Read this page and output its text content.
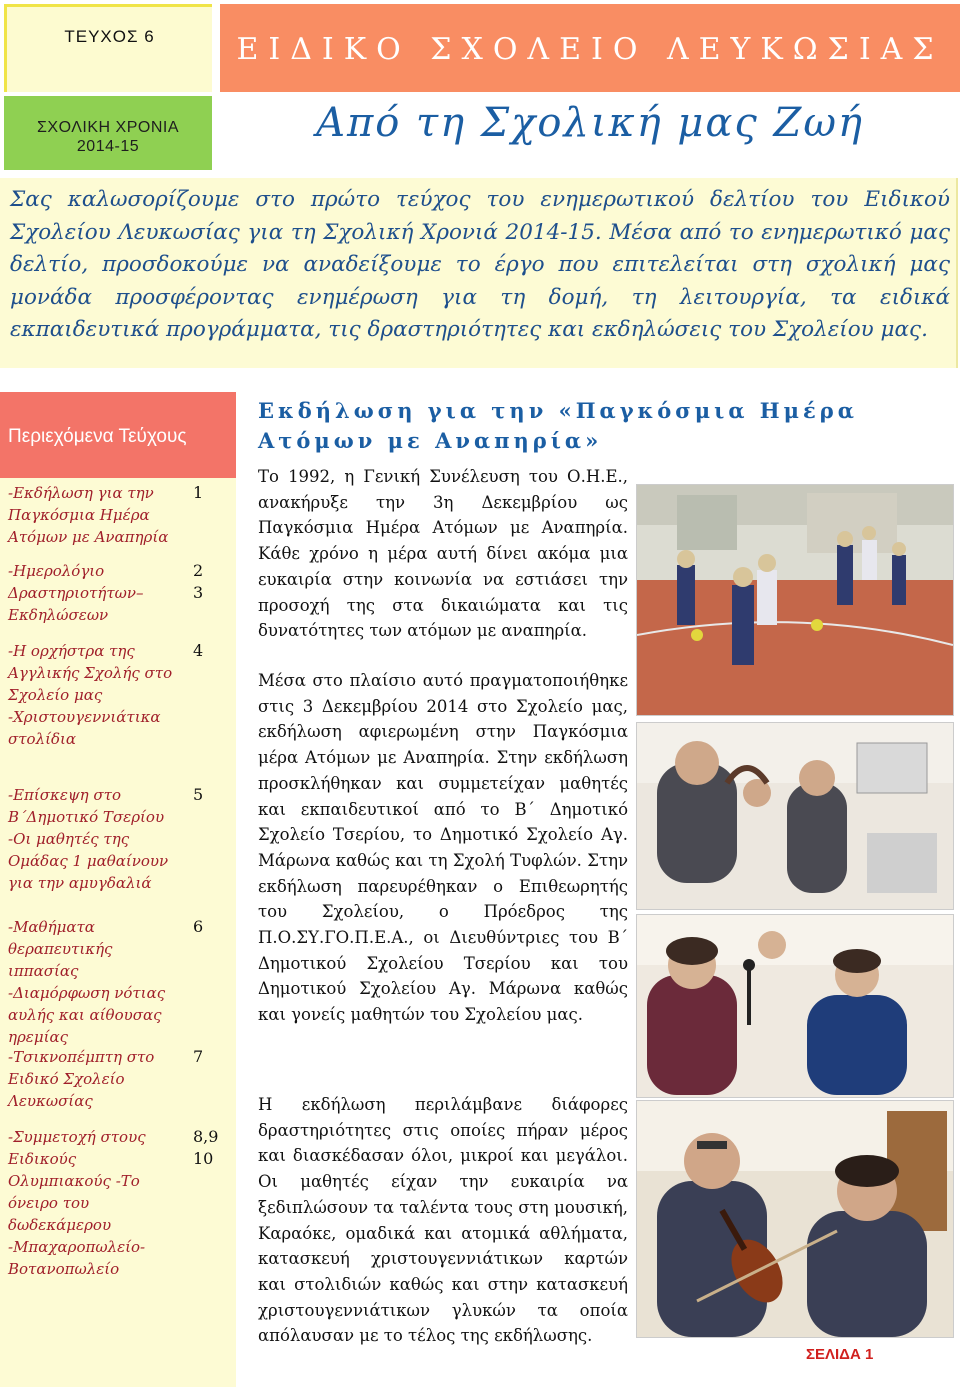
ΤΕΥΧΟΣ 6	ΕΙΔΙΚΟ ΣΧΟΛΕΙΟ ΛΕΥΚΩΣΙΑΣ
ΣΧΟΛΙΚΗ ΧΡΟΝΙΑ
2014-15
Από τη Σχολική μας Ζωή
Σας καλωσορίζουμε στο πρώτο τεύχος του ενημερωτικού δελτίου του Ειδικού Σχολείου Λευκωσίας για τη Σχολική Χρονιά 2014-15. Μέσα από το ενημερωτικό μας δελτίο, προσδοκούμε να αναδείξουμε το έργο που επιτελείται στη σχολική μας μονάδα προσφέροντας ενημέρωση για τη δομή, τη λειτουργία, τα ειδικά εκπαιδευτικά προγράμματα, τις δραστηριότητες και εκδηλώσεις του Σχολείου μας.
Περιεχόμενα Τεύχους
-Εκδήλωση για την Παγκόσμια Ημέρα Ατόμων με Αναπηρία
1
-Ημερολόγιο Δραστηριοτήτων– Εκδηλώσεων
2
3
-Η ορχήστρα της Αγγλικής Σχολής στο Σχολείο μας -Χριστουγεννιάτικα στολίδια
4
-Επίσκεψη στο Β΄Δημοτικό Τσερίου -Οι μαθητές της Ομάδας 1 μαθαίνουν για την αμυγδαλιά
5
-Μαθήματα θεραπευτικής ιππασίας -Διαμόρφωση νότιας αυλής και αίθουσας ηρεμίας
6
-Τσικνοπέμπτη στο Ειδικό Σχολείο Λευκωσίας
7
-Συμμετοχή στους Ειδικούς Ολυμπιακούς -Το όνειρο του δωδεκάμερου -Μπαχαροπωλείο- Βοτανοπωλείο
8,9
10
Εκδήλωση για την «Παγκόσμια Ημέρα Ατόμων με Αναπηρία»
Το 1992, η Γενική Συνέλευση του Ο.Η.Ε., ανακήρυξε την 3η Δεκεμβρίου ως Παγκόσμια Ημέρα Ατόμων με Αναπηρία. Κάθε χρόνο η μέρα αυτή δίνει ακόμα μια ευκαιρία στην κοινωνία να εστιάσει την προσοχή της στα δικαιώματα και τις δυνατότητες των ατόμων με αναπηρία.
Μέσα στο πλαίσιο αυτό πραγματοποιήθηκε στις 3 Δεκεμβρίου 2014 στο Σχολείο μας, εκδήλωση αφιερωμένη στην Παγκόσμια μέρα Ατόμων με Αναπηρία. Στην εκδήλωση προσκλήθηκαν και συμμετείχαν μαθητές και εκπαιδευτικοί από το Β΄ Δημοτικό Σχολείο Τσερίου, το Δημοτικό Σχολείο Αγ. Μάρωνα καθώς και τη Σχολή Τυφλών. Στην εκδήλωση παρευρέθηκαν ο Επιθεωρητής του Σχολείου, ο Πρόεδρος της Π.Ο.ΣΥ.ΓΟ.Π.Ε.Α., οι Διευθύντριες του Β΄ Δημοτικού Σχολείου Τσερίου και του Δημοτικού Σχολείου Αγ. Μάρωνα καθώς και γονείς μαθητών του Σχολείου μας.
Η εκδήλωση περιλάμβανε διάφορες δραστηριότητες στις οποίες πήραν μέρος και διασκέδασαν όλοι, μικροί και μεγάλοι. Οι μαθητές είχαν την ευκαιρία να ξεδιπλώσουν τα ταλέντα τους στη μουσική, Καραόκε, ομαδικά και ατομικά αθλήματα, κατασκευή χριστουγεννιάτικων καρτών και στολιδιών καθώς και στην κατασκευή χριστουγεννιάτικων γλυκών τα οποία απόλαυσαν με το τέλος της εκδήλωσης.
ΣΕΛΙΔΑ 1
